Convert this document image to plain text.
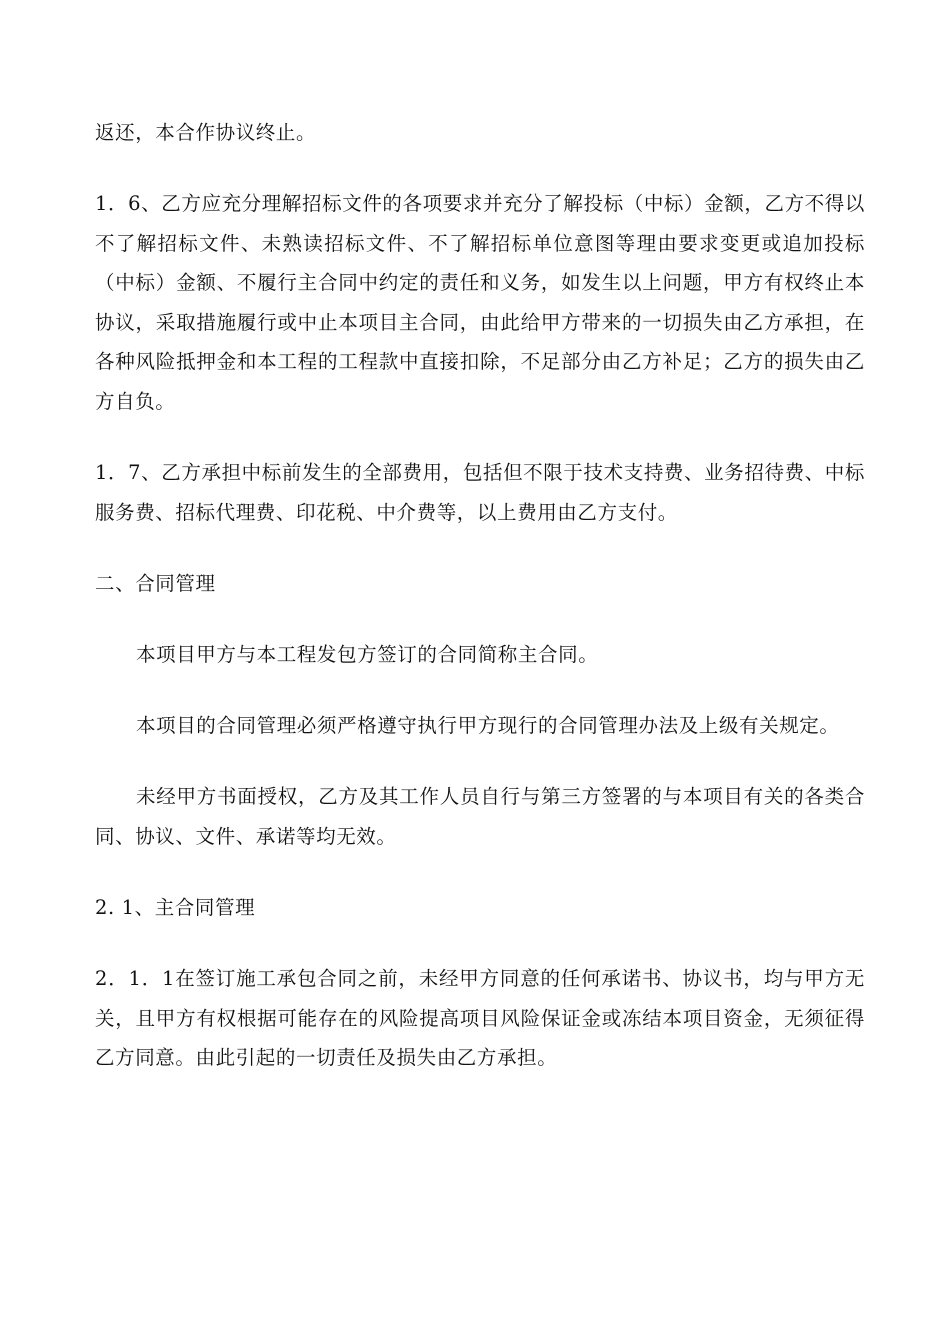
返还，本合作协议终止。

1．6、乙方应充分理解招标文件的各项要求并充分了解投标（中标）金额，乙方不得以不了解招标文件、未熟读招标文件、不了解招标单位意图等理由要求变更或追加投标（中标）金额、不履行主合同中约定的责任和义务，如发生以上问题，甲方有权终止本协议，采取措施履行或中止本项目主合同，由此给甲方带来的一切损失由乙方承担，在各种风险抵押金和本工程的工程款中直接扣除，不足部分由乙方补足；乙方的损失由乙方自负。

1．7、乙方承担中标前发生的全部费用，包括但不限于技术支持费、业务招待费、中标服务费、招标代理费、印花税、中介费等，以上费用由乙方支付。

二、合同管理

本项目甲方与本工程发包方签订的合同简称主合同。

本项目的合同管理必须严格遵守执行甲方现行的合同管理办法及上级有关规定。

未经甲方书面授权，乙方及其工作人员自行与第三方签署的与本项目有关的各类合同、协议、文件、承诺等均无效。

2. 1、主合同管理

2．1．1在签订施工承包合同之前，未经甲方同意的任何承诺书、协议书，均与甲方无关，且甲方有权根据可能存在的风险提高项目风险保证金或冻结本项目资金，无须征得乙方同意。由此引起的一切责任及损失由乙方承担。
